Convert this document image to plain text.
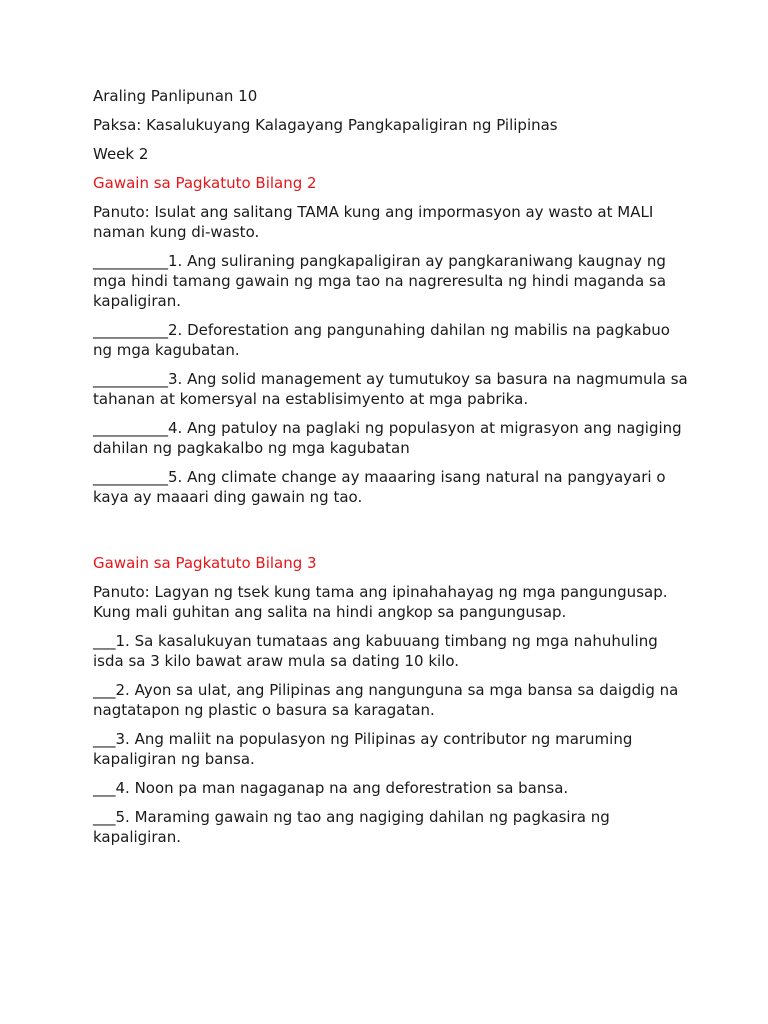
Araling Panlipunan 10
Paksa: Kasalukuyang Kalagayang Pangkapaligiran ng Pilipinas
Week 2
Gawain sa Pagkatuto Bilang 2
Panuto: Isulat ang salitang TAMA kung ang impormasyon ay wasto at MALI naman kung di-wasto.
__________1. Ang suliraning pangkapaligiran ay pangkaraniwang kaugnay ng mga hindi tamang gawain ng mga tao na nagreresulta ng hindi maganda sa kapaligiran.
__________2. Deforestation ang pangunahing dahilan ng mabilis na pagkabuo ng mga kagubatan.
__________3. Ang solid management ay tumutukoy sa basura na nagmumula sa tahanan at komersyal na establisimyento at mga pabrika.
__________4. Ang patuloy na paglaki ng populasyon at migrasyon ang nagiging dahilan ng pagkakalbo ng mga kagubatan
__________5. Ang climate change ay maaaring isang natural na pangyayari o kaya ay maaari ding gawain ng tao.
Gawain sa Pagkatuto Bilang 3
Panuto: Lagyan ng tsek kung tama ang ipinahahayag ng mga pangungusap. Kung mali guhitan ang salita na hindi angkop sa pangungusap.
___1. Sa kasalukuyan tumataas ang kabuuang timbang ng mga nahuhuling isda sa 3 kilo bawat araw mula sa dating 10 kilo.
___2. Ayon sa ulat, ang Pilipinas ang nangunguna sa mga bansa sa daigdig na nagtatapon ng plastic o basura sa karagatan.
___3. Ang maliit na populasyon ng Pilipinas ay contributor ng maruming kapaligiran ng bansa.
___4. Noon pa man nagaganap na ang deforestration sa bansa.
___5. Maraming gawain ng tao ang nagiging dahilan ng pagkasira ng kapaligiran.
